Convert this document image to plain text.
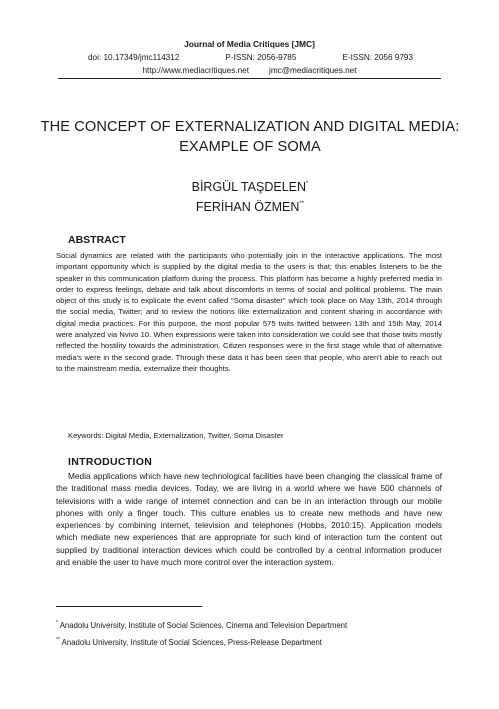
Journal of Media Critiques [JMC]
doi: 10.17349/jmc114312	P-ISSN: 2056-9785	E-ISSN: 2056 9793
http://www.mediacritiques.net jmc@mediacritiques.net
THE CONCEPT OF EXTERNALIZATION AND DIGITAL MEDIA: EXAMPLE OF SOMA
BİRGÜL TAŞDELEN*
FERİHAN ÖZMEN**
ABSTRACT
Social dynamics are related with the participants who potentially join in the interactive applications. The most important opportunity which is supplied by the digital media to the users is that; this enables listeners to be the speaker in this communication platform during the process. This platform has become a highly preferred media in order to express feelings, debate and talk about discomforts in terms of social and political problems. The main object of this study is to explicate the event called "Soma disaster" which took place on May 13th, 2014 through the social media, Twitter; and to review the notions like externalization and content sharing in accordance with digital media practices. For this purpose, the most popular 575 twits twitted between 13th and 15th May, 2014 were analyzed via Nvivo 10. When expressions were taken into consideration we could see that those twits mostly reflected the hostility towards the administration. Citizen responses were in the first stage while that of alternative media's were in the second grade. Through these data it has been seen that people, who aren't able to reach out to the mainstream media, externalize their thoughts.
Keywords: Digital Media, Externalization, Twitter, Soma Disaster
INTRODUCTION
Media applications which have new technological facilities have been changing the classical frame of the traditional mass media devices. Today, we are living in a world where we have 500 channels of televisions with a wide range of internet connection and can be in an interaction through our mobile phones with only a finger touch. This culture enables us to create new methods and have new experiences by combining internet, television and telephones (Hobbs, 2010:15). Application models which mediate new experiences that are appropriate for such kind of interaction turn the content out supplied by traditional interaction devices which could be controlled by a central information producer and enable the user to have much more control over the interaction system.
* Anadolu University, Institute of Social Sciences, Cinema and Television Department
** Anadolu University, Institute of Social Sciences, Press-Release Department
